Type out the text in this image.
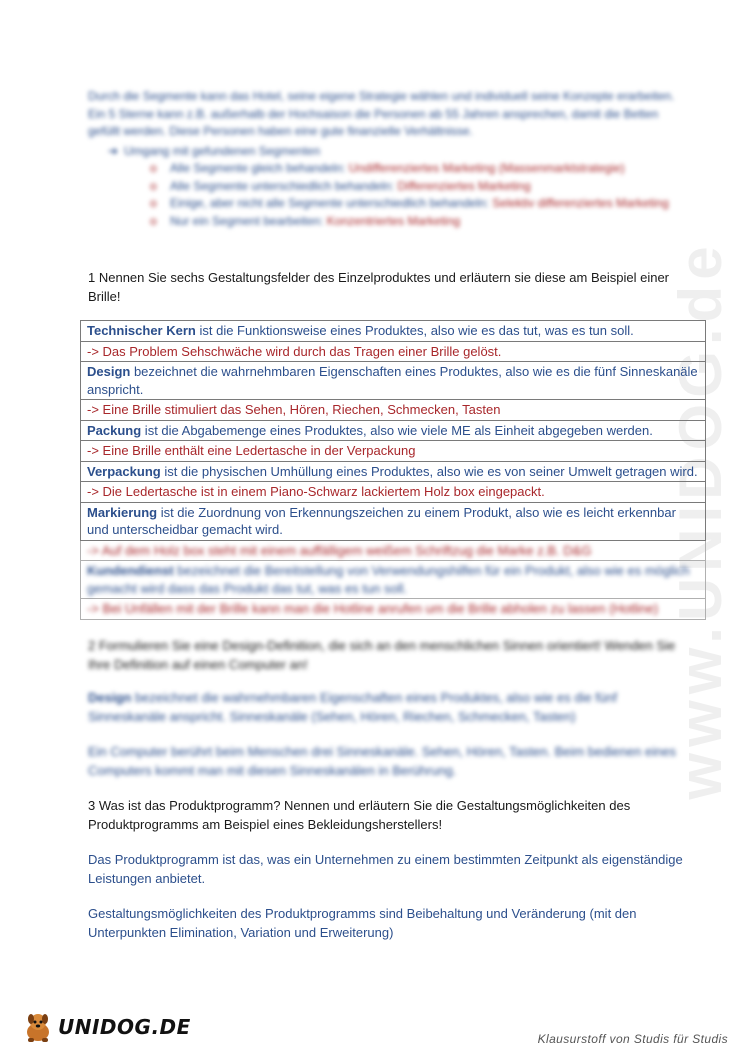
www.UNIDOG.de

Durch die Segmente kann das Hotel, seine eigene Strategie wählen und individuell seine Konzepte erarbeiten. Ein 5 Sterne kann z.B. außerhalb der Hochsaison die Personen ab 55 Jahren ansprechen, damit die Betten gefüllt werden. Diese Personen haben eine gute finanzielle Verhältnisse.

➔ Umgang mit gefundenen Segmenten
o Alle Segmente gleich behandeln: Undifferenziertes Marketing (Massenmarktstrategie)
o Alle Segmente unterschiedlich behandeln: Differenziertes Marketing
o Einige, aber nicht alle Segmente unterschiedlich behandeln: Selektiv differenziertes Marketing
o Nur ein Segment bearbeiten: Konzentriertes Marketing

1 Nennen Sie sechs Gestaltungsfelder des Einzelproduktes und erläutern sie diese am Beispiel einer Brille!

Technischer Kern ist die Funktionsweise eines Produktes, also wie es das tut, was es tun soll.
-> Das Problem Sehschwäche wird durch das Tragen einer Brille gelöst.
Design bezeichnet die wahrnehmbaren Eigenschaften eines Produktes, also wie es die fünf Sinneskanäle anspricht.
-> Eine Brille stimuliert das Sehen, Hören, Riechen, Schmecken, Tasten
Packung ist die Abgabemenge eines Produktes, also wie viele ME als Einheit abgegeben werden.
-> Eine Brille enthält eine Ledertasche in der Verpackung
Verpackung ist die physischen Umhüllung eines Produktes, also wie es von seiner Umwelt getragen wird.
-> Die Ledertasche ist in einem Piano-Schwarz lackiertem Holz box eingepackt.
Markierung ist die Zuordnung von Erkennungszeichen zu einem Produkt, also wie es leicht erkennbar und unterscheidbar gemacht wird.
-> Auf dem Holz box steht mit einem auffälligem weißem Schriftzug die Marke z.B. D&G
Kundendienst bezeichnet die Bereitstellung von Verwendungshilfen für ein Produkt, also wie es möglich gemacht wird dass das Produkt das tut, was es tun soll.
-> Bei Unfällen mit der Brille kann man die Hotline anrufen um die Brille abholen zu lassen (Hotline)

2 Formulieren Sie eine Design-Definition, die sich an den menschlichen Sinnen orientiert! Wenden Sie Ihre Definition auf einen Computer an!

Design bezeichnet die wahrnehmbaren Eigenschaften eines Produktes, also wie es die fünf Sinneskanäle anspricht. Sinneskanäle (Sehen, Hören, Riechen, Schmecken, Tasten)

Ein Computer berührt beim Menschen drei Sinneskanäle. Sehen, Hören, Tasten. Beim bedienen eines Computers kommt man mit diesen Sinneskanälen in Berührung.

3 Was ist das Produktprogramm? Nennen und erläutern Sie die Gestaltungsmöglichkeiten des Produktprogramms am Beispiel eines Bekleidungsherstellers!

Das Produktprogramm ist das, was ein Unternehmen zu einem bestimmten Zeitpunkt als eigenständige Leistungen anbietet.

Gestaltungsmöglichkeiten des Produktprogramms sind Beibehaltung und Veränderung (mit den Unterpunkten Elimination, Variation und Erweiterung)

UNIDOG.DE	Klausurstoff von Studis für Studis
